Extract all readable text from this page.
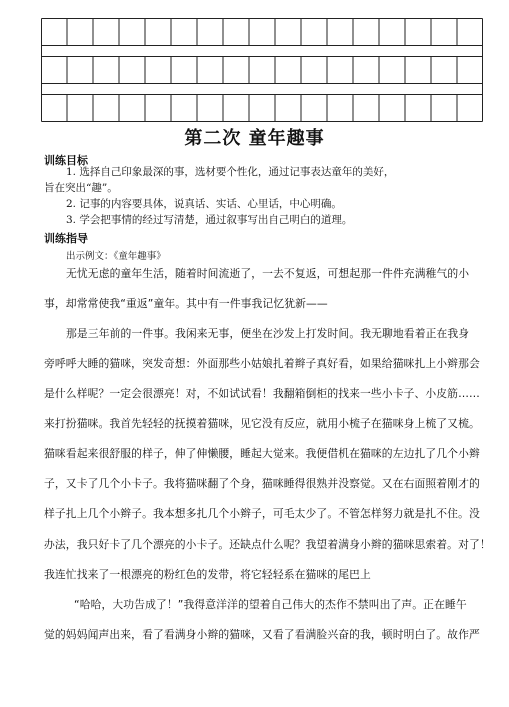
第二次 童年趣事
训练目标
1. 选择自己印象最深的事，选材要个性化，通过记事表达童年的美好，
旨在突出“趣”。
2. 记事的内容要具体，说真话、实话、心里话，中心明确。
3. 学会把事情的经过写清楚，通过叙事写出自己明白的道理。
训练指导
出示例文：《童年趣事》
无忧无虑的童年生活，随着时间流逝了，一去不复返，可想起那一件件充满稚气的小
事，却常常使我“重返”童年。其中有一件事我记忆犹新——
那是三年前的一件事。我闲来无事，便坐在沙发上打发时间。我无聊地看着正在我身
旁呼呼大睡的猫咪，突发奇想：外面那些小姑娘扎着辫子真好看，如果给猫咪扎上小辫那会
是什么样呢？一定会很漂亮！对，不如试试看！我翻箱倒柜的找来一些小卡子、小皮筋……
来打扮猫咪。我首先轻轻的抚摸着猫咪，见它没有反应，就用小梳子在猫咪身上梳了又梳。
猫咪看起来很舒服的样子，伸了伸懒腰，睡起大觉来。我便借机在猫咪的左边扎了几个小辫
子，又卡了几个小卡子。我将猫咪翻了个身，猫咪睡得很熟并没察觉。又在右面照着刚才的
样子扎上几个小辫子。我本想多扎几个小辫子，可毛太少了。不管怎样努力就是扎不住。没
办法，我只好卡了几个漂亮的小卡子。还缺点什么呢？我望着满身小辫的猫咪思索着。对了！
我连忙找来了一根漂亮的粉红色的发带，将它轻轻系在猫咪的尾巴上
“哈哈，大功告成了！”我得意洋洋的望着自己伟大的杰作不禁叫出了声。正在睡午
觉的妈妈闻声出来，看了看满身小辫的猫咪，又看了看满脸兴奋的我，顿时明白了。故作严
